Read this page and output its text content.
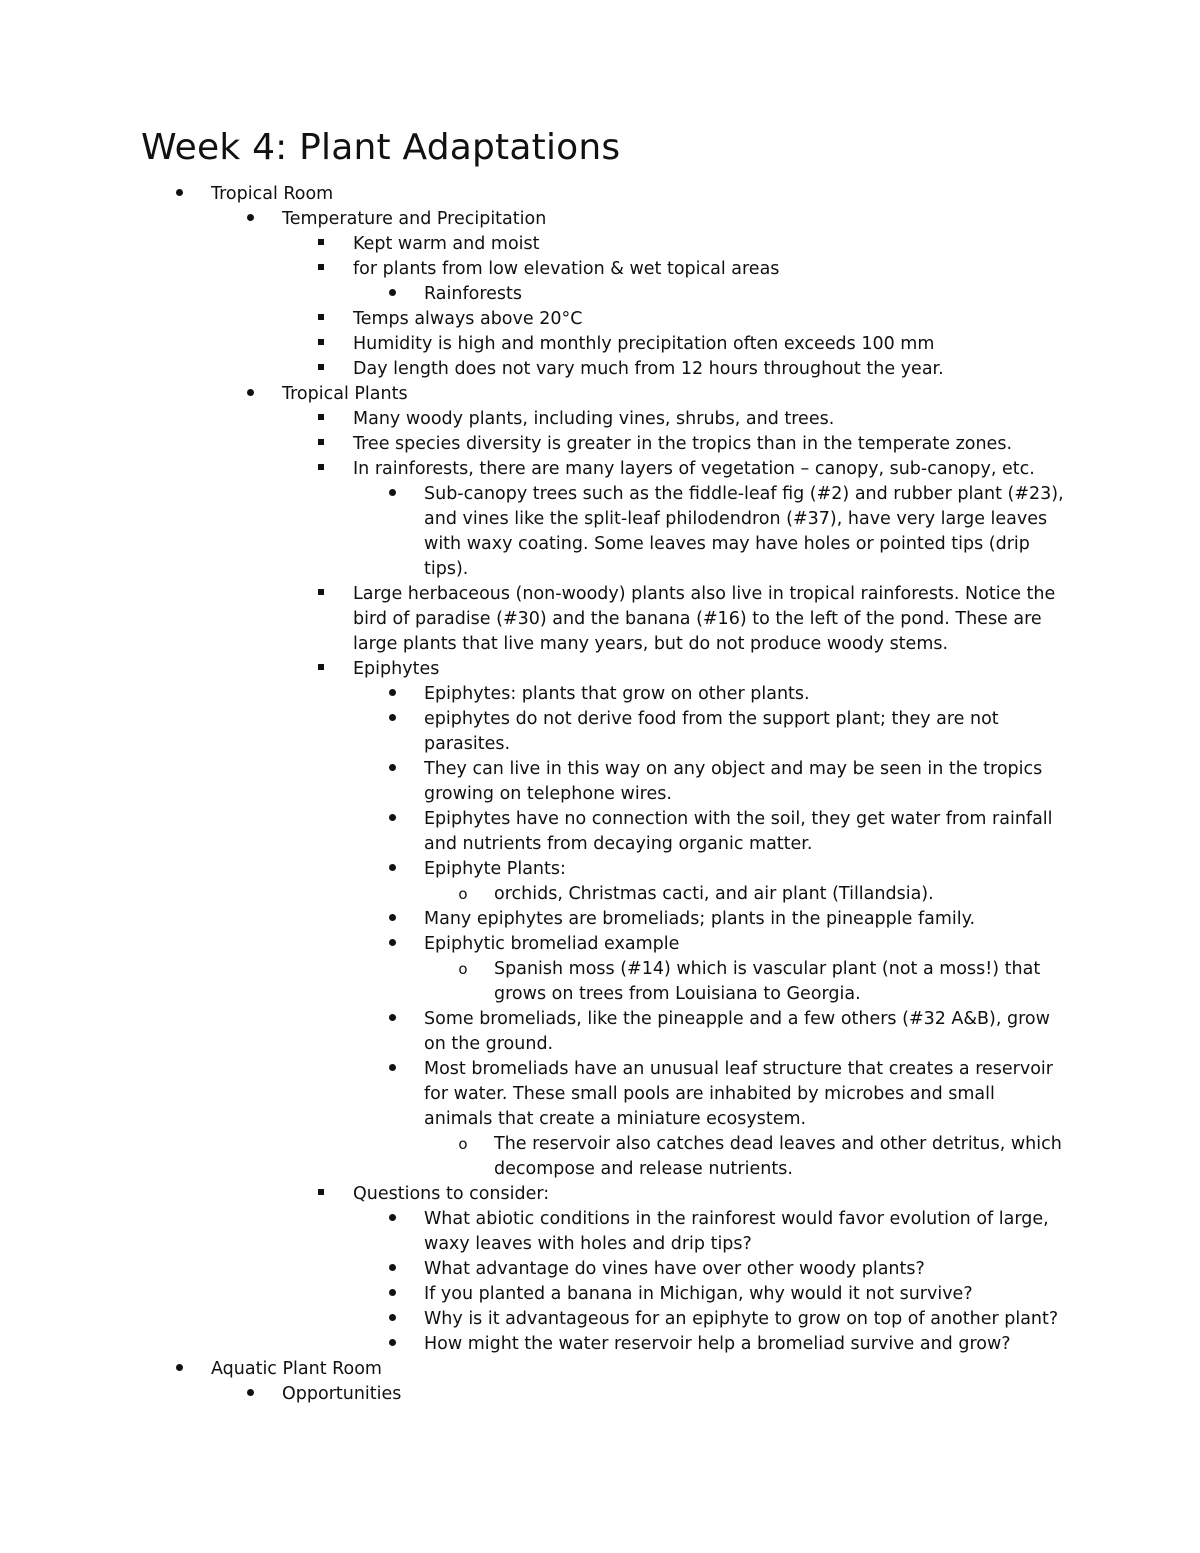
Week 4: Plant Adaptations
Tropical Room
Temperature and Precipitation
Kept warm and moist
for plants from low elevation & wet topical areas
Rainforests
Temps always above 20°C
Humidity is high and monthly precipitation often exceeds 100 mm
Day length does not vary much from 12 hours throughout the year.
Tropical Plants
Many woody plants, including vines, shrubs, and trees.
Tree species diversity is greater in the tropics than in the temperate zones.
In rainforests, there are many layers of vegetation – canopy, sub-canopy, etc.
Sub-canopy trees such as the fiddle-leaf fig (#2) and rubber plant (#23),
and vines like the split-leaf philodendron (#37), have very large leaves
with waxy coating. Some leaves may have holes or pointed tips (drip
tips).
Large herbaceous (non-woody) plants also live in tropical rainforests. Notice the
bird of paradise (#30) and the banana (#16) to the left of the pond. These are
large plants that live many years, but do not produce woody stems.
Epiphytes
Epiphytes: plants that grow on other plants.
epiphytes do not derive food from the support plant; they are not
parasites.
They can live in this way on any object and may be seen in the tropics
growing on telephone wires.
Epiphytes have no connection with the soil, they get water from rainfall
and nutrients from decaying organic matter.
Epiphyte Plants:
o
orchids, Christmas cacti, and air plant (Tillandsia).
Many epiphytes are bromeliads; plants in the pineapple family.
Epiphytic bromeliad example
o
Spanish moss (#14) which is vascular plant (not a moss!) that
grows on trees from Louisiana to Georgia.
Some bromeliads, like the pineapple and a few others (#32 A&B), grow
on the ground.
Most bromeliads have an unusual leaf structure that creates a reservoir
for water. These small pools are inhabited by microbes and small
animals that create a miniature ecosystem.
o
The reservoir also catches dead leaves and other detritus, which
decompose and release nutrients.
Questions to consider:
What abiotic conditions in the rainforest would favor evolution of large,
waxy leaves with holes and drip tips?
What advantage do vines have over other woody plants?
If you planted a banana in Michigan, why would it not survive?
Why is it advantageous for an epiphyte to grow on top of another plant?
How might the water reservoir help a bromeliad survive and grow?
Aquatic Plant Room
Opportunities
